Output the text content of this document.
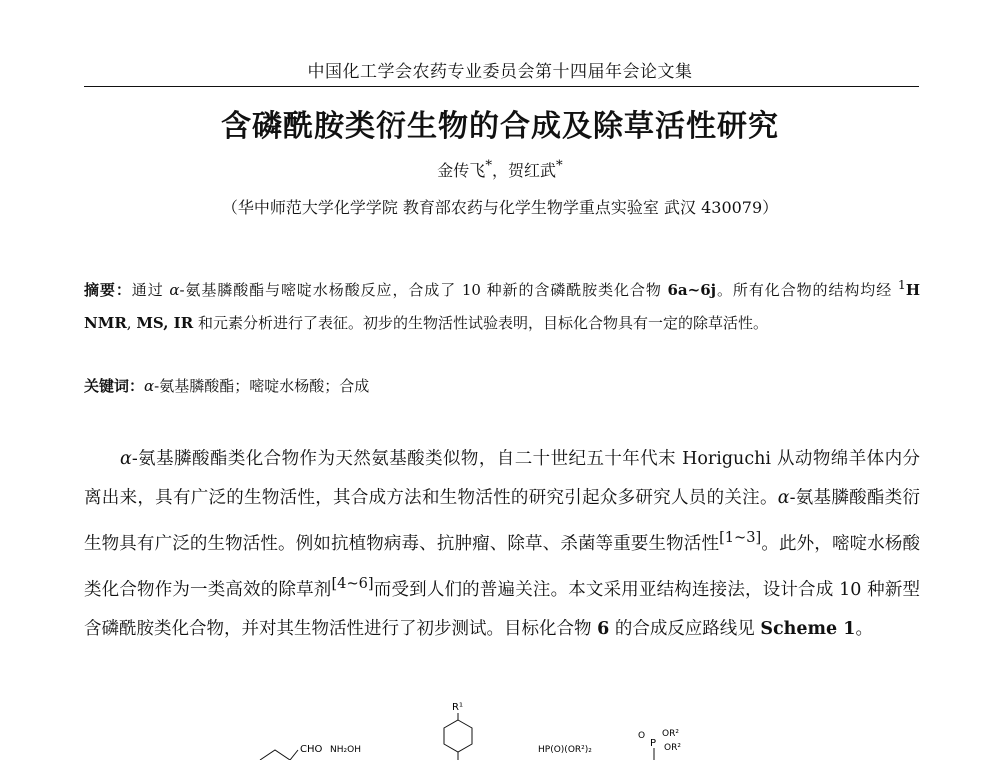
中国化工学会农药专业委员会第十四届年会论文集
含磷酰胺类衍生物的合成及除草活性研究
金传飞*，贺红武*
（华中师范大学化学学院 教育部农药与化学生物学重点实验室 武汉 430079）
摘要：通过 α-氨基膦酸酯与嘧啶水杨酸反应，合成了 10 种新的含磷酰胺类化合物 6a~6j。所有化合物的结构均经 $^1$H NMR, MS, IR 和元素分析进行了表征。初步的生物活性试验表明，目标化合物具有一定的除草活性。
关键词：α-氨基膦酸酯；嘧啶水杨酸；合成
α-氨基膦酸酯类化合物作为天然氨基酸类似物，自二十世纪五十年代末 Horiguchi 从动物绵羊体内分离出来，具有广泛的生物活性，其合成方法和生物活性的研究引起众多研究人员的关注。α-氨基膦酸酯类衍生物具有广泛的生物活性。例如抗植物病毒、抗肿瘤、除草、杀菌等重要生物活性[1~3]。此外，嘧啶水杨酸类化合物作为一类高效的除草剂[4~6]而受到人们的普遍关注。本文采用亚结构连接法，设计合成 10 种新型含磷酰胺类化合物，并对其生物活性进行了初步测试。目标化合物 6 的合成反应路线见 Scheme 1。
CHO NH₂OH
R¹
HP(O)(OR²)₂
O
P
OR²
OR²
